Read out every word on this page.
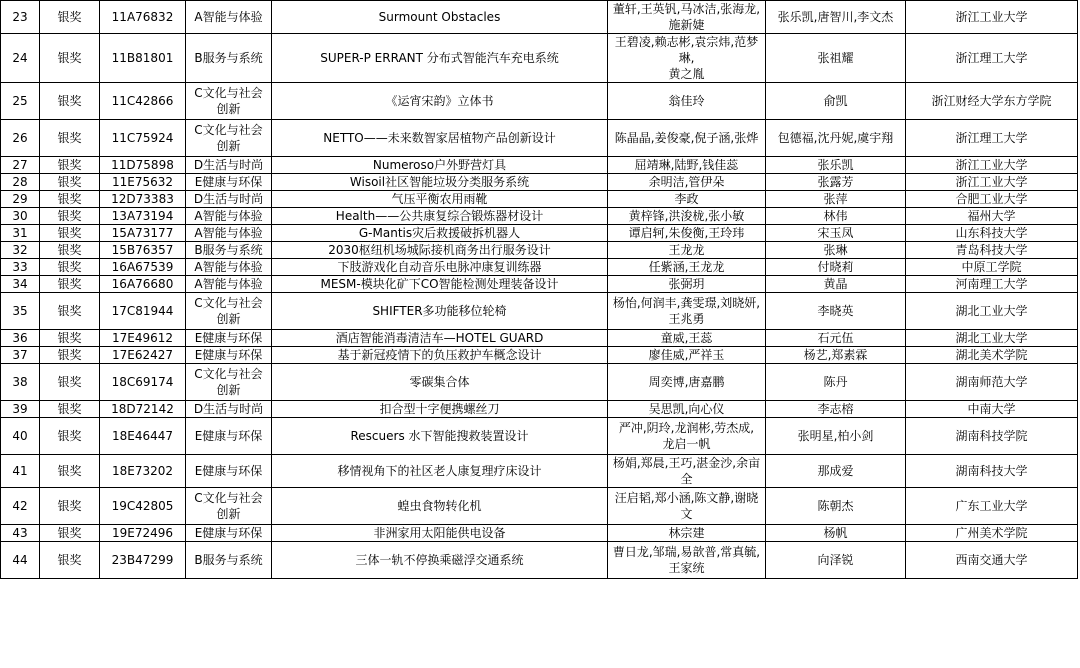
23	银奖	11A76832	A智能与体验	Surmount Obstacles	董轩,王英钒,马冰洁,张海龙,
施新婕	张乐凯,唐智川,李文杰	浙江工业大学
24	银奖	11B81801	B服务与系统	SUPER-P ERRANT 分布式智能汽车充电系统	王碧凌,赖志彬,袁宗炜,范梦琳,
黄之胤	张祖耀	浙江理工大学
25	银奖	11C42866	C文化与社会
创新	《运宵宋韵》立体书	翁佳玲	俞凯	浙江财经大学东方学院
26	银奖	11C75924	C文化与社会
创新	NETTO——未来数智家居植物产品创新设计	陈晶晶,姜俊豪,倪子涵,张烨	包德福,沈丹妮,虞宇翔	浙江理工大学
27	银奖	11D75898	D生活与时尚	Numeroso户外野营灯具	屈靖琳,陆野,钱佳蕊	张乐凯	浙江工业大学
28	银奖	11E75632	E健康与环保	Wisoil社区智能垃圾分类服务系统	余明洁,管伊朵	张露芳	浙江工业大学
29	银奖	12D73383	D生活与时尚	气压平衡农用雨靴	李政	张萍	合肥工业大学
30	银奖	13A73194	A智能与体验	Health——公共康复综合锻炼器材设计	黄梓锋,洪浚栊,张小敏	林伟	福州大学
31	银奖	15A73177	A智能与体验	G-Mantis灾后救援破拆机器人	谭启轲,朱俊衡,王玲玮	宋玉凤	山东科技大学
32	银奖	15B76357	B服务与系统	2030枢纽机场城际接机商务出行服务设计	王龙龙	张琳	青岛科技大学
33	银奖	16A67539	A智能与体验	下肢游戏化自动音乐电脉冲康复训练器	任紫涵,王龙龙	付晓莉	中原工学院
34	银奖	16A76680	A智能与体验	MESM-模块化矿下CO智能检测处理装备设计	张弼玥	黄晶	河南理工大学
35	银奖	17C81944	C文化与社会
创新	SHIFTER多功能移位轮椅	杨怡,何润丰,龚雯璟,刘晓妍,
王兆勇	李晓英	湖北工业大学
36	银奖	17E49612	E健康与环保	酒店智能消毒清洁车—HOTEL GUARD	童威,王蕊	石元伍	湖北工业大学
37	银奖	17E62427	E健康与环保	基于新冠疫情下的负压救护车概念设计	廖佳威,严祥玉	杨艺,郑素霖	湖北美术学院
38	银奖	18C69174	C文化与社会
创新	零碳集合体	周奕博,唐嘉鹏	陈丹	湖南师范大学
39	银奖	18D72142	D生活与时尚	扣合型十字便携螺丝刀	吴思凯,向心仪	李志榕	中南大学
40	银奖	18E46447	E健康与环保	Rescuers 水下智能搜救装置设计	严冲,阴玲,龙润彬,劳杰成,
龙启一帆	张明星,柏小剑	湖南科技学院
41	银奖	18E73202	E健康与环保	移情视角下的社区老人康复理疗床设计	杨娟,郑晨,王巧,湛金沙,余亩全	那成爱	湖南科技大学
42	银奖	19C42805	C文化与社会
创新	蝗虫食物转化机	汪启韬,郑小涵,陈文静,谢晓文	陈朝杰	广东工业大学
43	银奖	19E72496	E健康与环保	非洲家用太阳能供电设备	林宗建	杨帆	广州美术学院
44	银奖	23B47299	B服务与系统	三体一轨不停换乘磁浮交通系统	曹日龙,邹瑞,易歆普,常真毓,
王家统	向泽锐	西南交通大学
